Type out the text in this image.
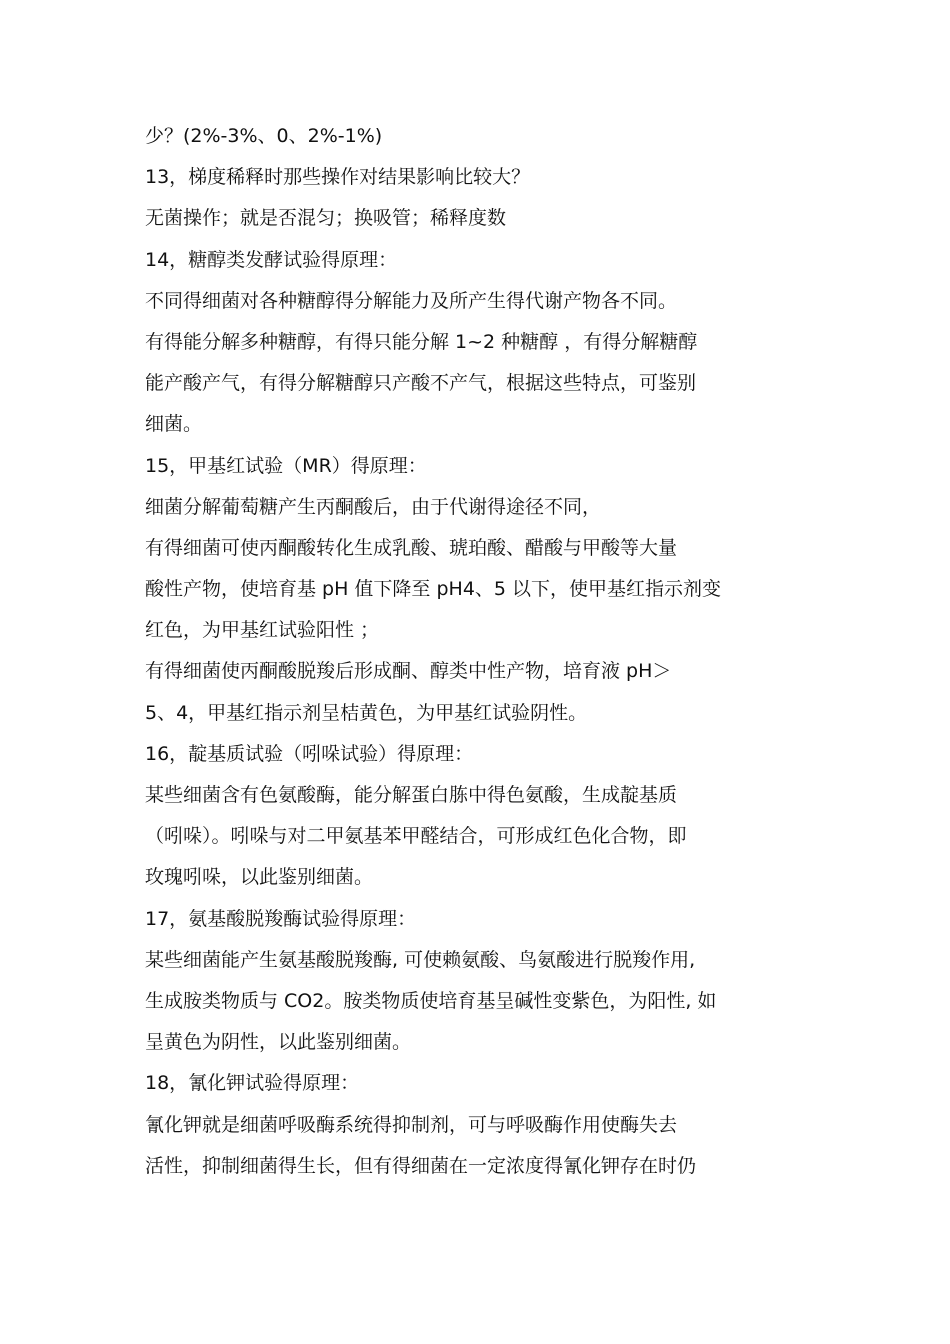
少？(2%-3%、0、2%-1%)
13，梯度稀释时那些操作对结果影响比较大？
无菌操作；就是否混匀；换吸管；稀释度数
14，糖醇类发酵试验得原理：
不同得细菌对各种糖醇得分解能力及所产生得代谢产物各不同。
有得能分解多种糖醇，有得只能分解 1~2 种糖醇 ，有得分解糖醇
能产酸产气，有得分解糖醇只产酸不产气，根据这些特点，可鉴别
细菌。
15，甲基红试验（MR）得原理：
细菌分解葡萄糖产生丙酮酸后，由于代谢得途径不同，
有得细菌可使丙酮酸转化生成乳酸、琥珀酸、醋酸与甲酸等大量
酸性产物，使培育基 pH 值下降至 pH4、5 以下，使甲基红指示剂变
红色，为甲基红试验阳性 ；
有得细菌使丙酮酸脱羧后形成酮、醇类中性产物，培育液 pH＞
5、4，甲基红指示剂呈桔黄色，为甲基红试验阴性。
16，靛基质试验（吲哚试验）得原理：
某些细菌含有色氨酸酶，能分解蛋白胨中得色氨酸，生成靛基质
（吲哚）。吲哚与对二甲氨基苯甲醛结合，可形成红色化合物，即
玫瑰吲哚，以此鉴别细菌。
17，氨基酸脱羧酶试验得原理：
某些细菌能产生氨基酸脱羧酶, 可使赖氨酸、鸟氨酸进行脱羧作用,
生成胺类物质与 CO2。胺类物质使培育基呈碱性变紫色，为阳性, 如
呈黄色为阴性，以此鉴别细菌。
18，氰化钾试验得原理：
氰化钾就是细菌呼吸酶系统得抑制剂，可与呼吸酶作用使酶失去
活性，抑制细菌得生长，但有得细菌在一定浓度得氰化钾存在时仍
